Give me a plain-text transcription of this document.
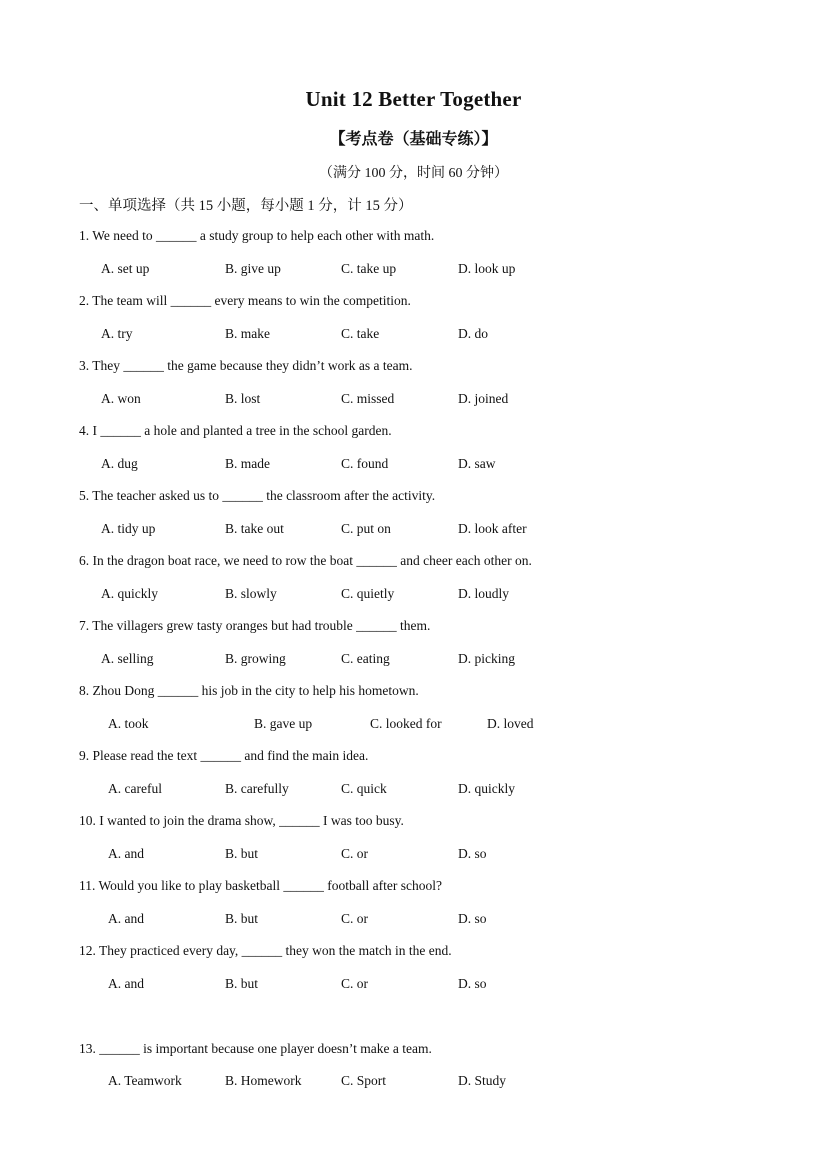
Unit 12 Better Together
【考点卷（基础专练）】
（满分 100 分，时间 60 分钟）
一、单项选择（共 15 小题，每小题 1 分，计 15 分）
1. We need to ______ a study group to help each other with math.
A. set up	B. give up	C. take up	D. look up
2. The team will ______ every means to win the competition.
A. try	B. make	C. take	D. do
3. They ______ the game because they didn’t work as a team.
A. won	B. lost	C. missed	D. joined
4. I ______ a hole and planted a tree in the school garden.
A. dug	B. made	C. found	D. saw
5. The teacher asked us to ______ the classroom after the activity.
A. tidy up	B. take out	C. put on	D. look after
6. In the dragon boat race, we need to row the boat ______ and cheer each other on.
A. quickly	B. slowly	C. quietly	D. loudly
7. The villagers grew tasty oranges but had trouble ______ them.
A. selling	B. growing	C. eating	D. picking
8. Zhou Dong ______ his job in the city to help his hometown.
A. took	B. gave up	C. looked for	D. loved
9. Please read the text ______ and find the main idea.
A. careful	B. carefully	C. quick	D. quickly
10. I wanted to join the drama show, ______ I was too busy.
A. and	B. but	C. or	D. so
11. Would you like to play basketball ______ football after school?
A. and	B. but	C. or	D. so
12. They practiced every day, ______ they won the match in the end.
A. and	B. but	C. or	D. so
13. ______ is important because one player doesn’t make a team.
A. Teamwork	B. Homework	C. Sport	D. Study
